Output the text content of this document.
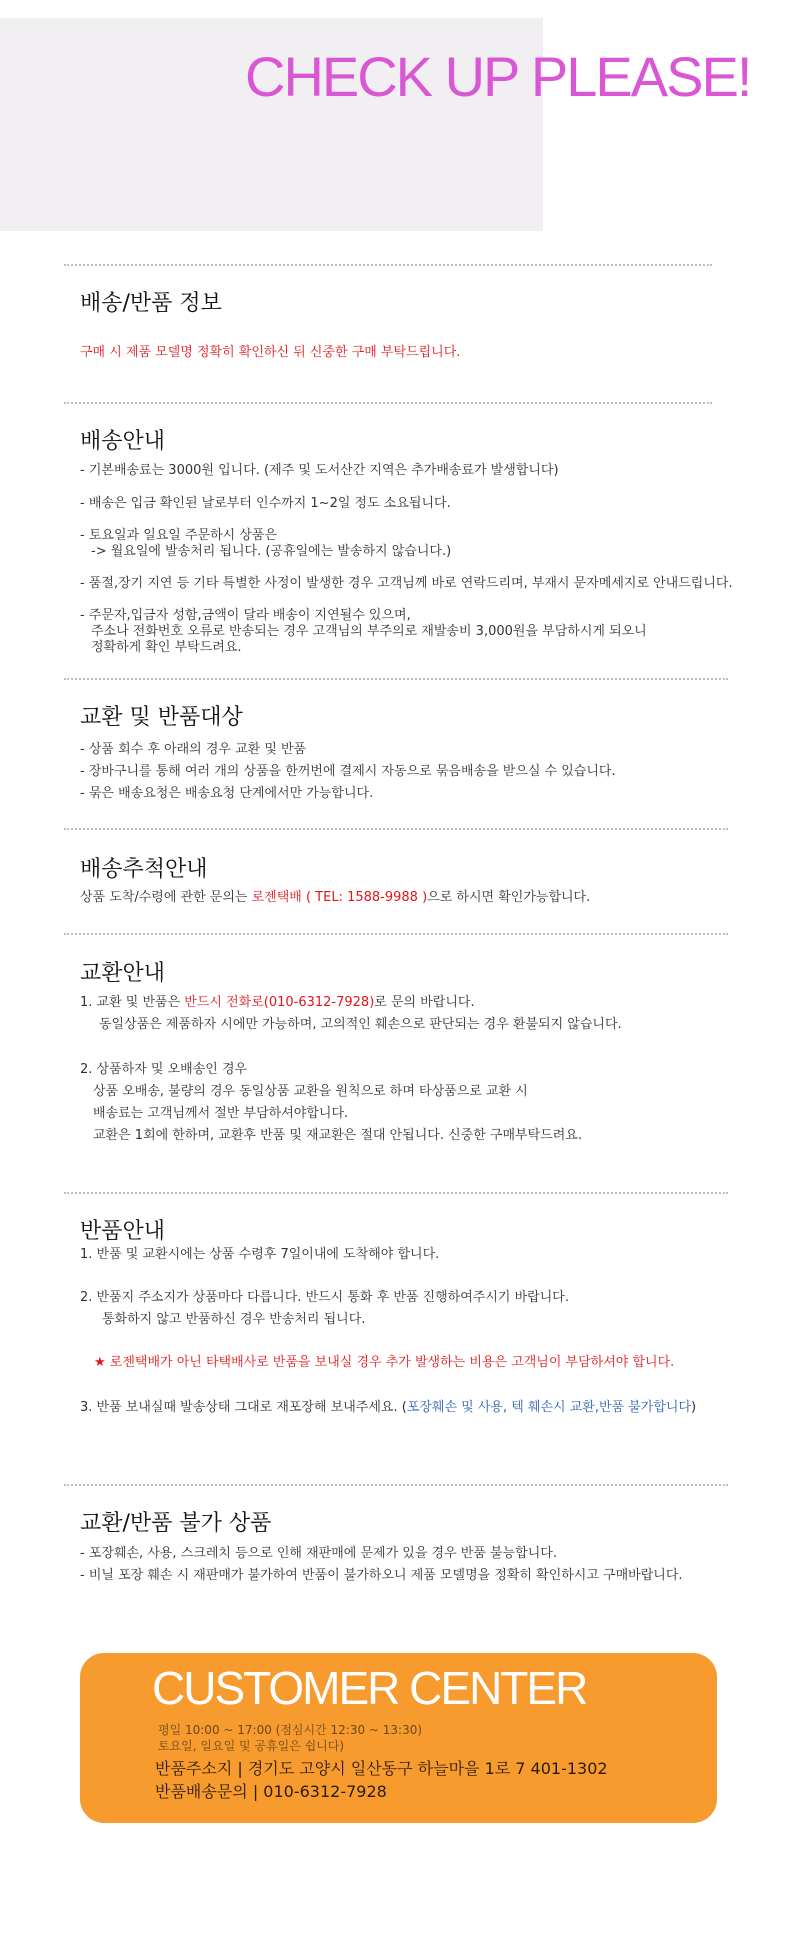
CHECK UP PLEASE!
배송/반품 정보
구매 시 제품 모델명 정확히 확인하신 뒤 신중한 구매 부탁드립니다.
배송안내
- 기본배송료는 3000원 입니다. (제주 및 도서산간 지역은 추가배송료가 발생합니다)
- 배송은 입금 확인된 날로부터 인수까지 1~2일 정도 소요됩니다.
- 토요일과 일요일 주문하시 상품은
-> 월요일에 발송처리 됩니다. (공휴일에는 발송하지 않습니다.)
- 품절,장기 지연 등 기타 특별한 사정이 발생한 경우 고객님께 바로 연락드리며, 부재시 문자메세지로 안내드립니다.
- 주문자,입금자 성함,금액이 달라 배송이 지연될수 있으며,
주소나 전화번호 오류로 반송되는 경우 고객님의 부주의로 재발송비 3,000원을 부담하시게 되오니
정확하게 확인 부탁드려요.
교환 및 반품대상
- 상품 회수 후 아래의 경우 교환 및 반품
- 장바구니를 통해 여러 개의 상품을 한꺼번에 결제시 자동으로 묶음배송을 받으실 수 있습니다.
- 묶은 배송요청은 배송요청 단계에서만 가능합니다.
배송추척안내
상품 도착/수령에 관한 문의는 로젠택배 ( TEL: 1588-9988 )으로 하시면 확인가능합니다.
교환안내
1. 교환 및 반품은 반드시 전화로(010-6312-7928)로 문의 바랍니다.
동일상품은 제품하자 시에만 가능하며, 고의적인 훼손으로 판단되는 경우 환불되지 않습니다.
2. 상품하자 및 오배송인 경우
상품 오배송, 불량의 경우 동일상품 교환을 원칙으로 하며 타상품으로 교환 시
배송료는 고객님께서 절반 부담하셔야합니다.
교환은 1회에 한하며, 교환후 반품 및 재교환은 절대 안됩니다. 신중한 구매부탁드려요.
반품안내
1. 반품 및 교환시에는 상품 수령후 7일이내에 도착해야 합니다.
2. 반품지 주소지가 상품마다 다릅니다. 반드시 통화 후 반품 진행하여주시기 바랍니다.
통화하지 않고 반품하신 경우 반송처리 됩니다.
★ 로젠택배가 아닌 타택배사로 반품을 보내실 경우 추가 발생하는 비용은 고객님이 부담하셔야 합니다.
3. 반품 보내실때 발송상태 그대로 재포장해 보내주세요. (포장훼손 및 사용, 텍 훼손시 교환,반품 불가합니다)
교환/반품 불가 상품
- 포장훼손, 사용, 스크레치 등으로 인해 재판매에 문제가 있을 경우 반품 불능합니다.
- 비닐 포장 훼손 시 재판매가 불가하여 반품이 불가하오니 제품 모델명을 정확히 확인하시고 구매바랍니다.
CUSTOMER CENTER
평일 10:00 ~ 17:00 (점심시간 12:30 ~ 13:30)
토요일, 일요일 및 공휴일은 쉽니다)
반품주소지 | 경기도 고양시 일산동구 하늘마을 1로 7 401-1302
반품배송문의 | 010-6312-7928
